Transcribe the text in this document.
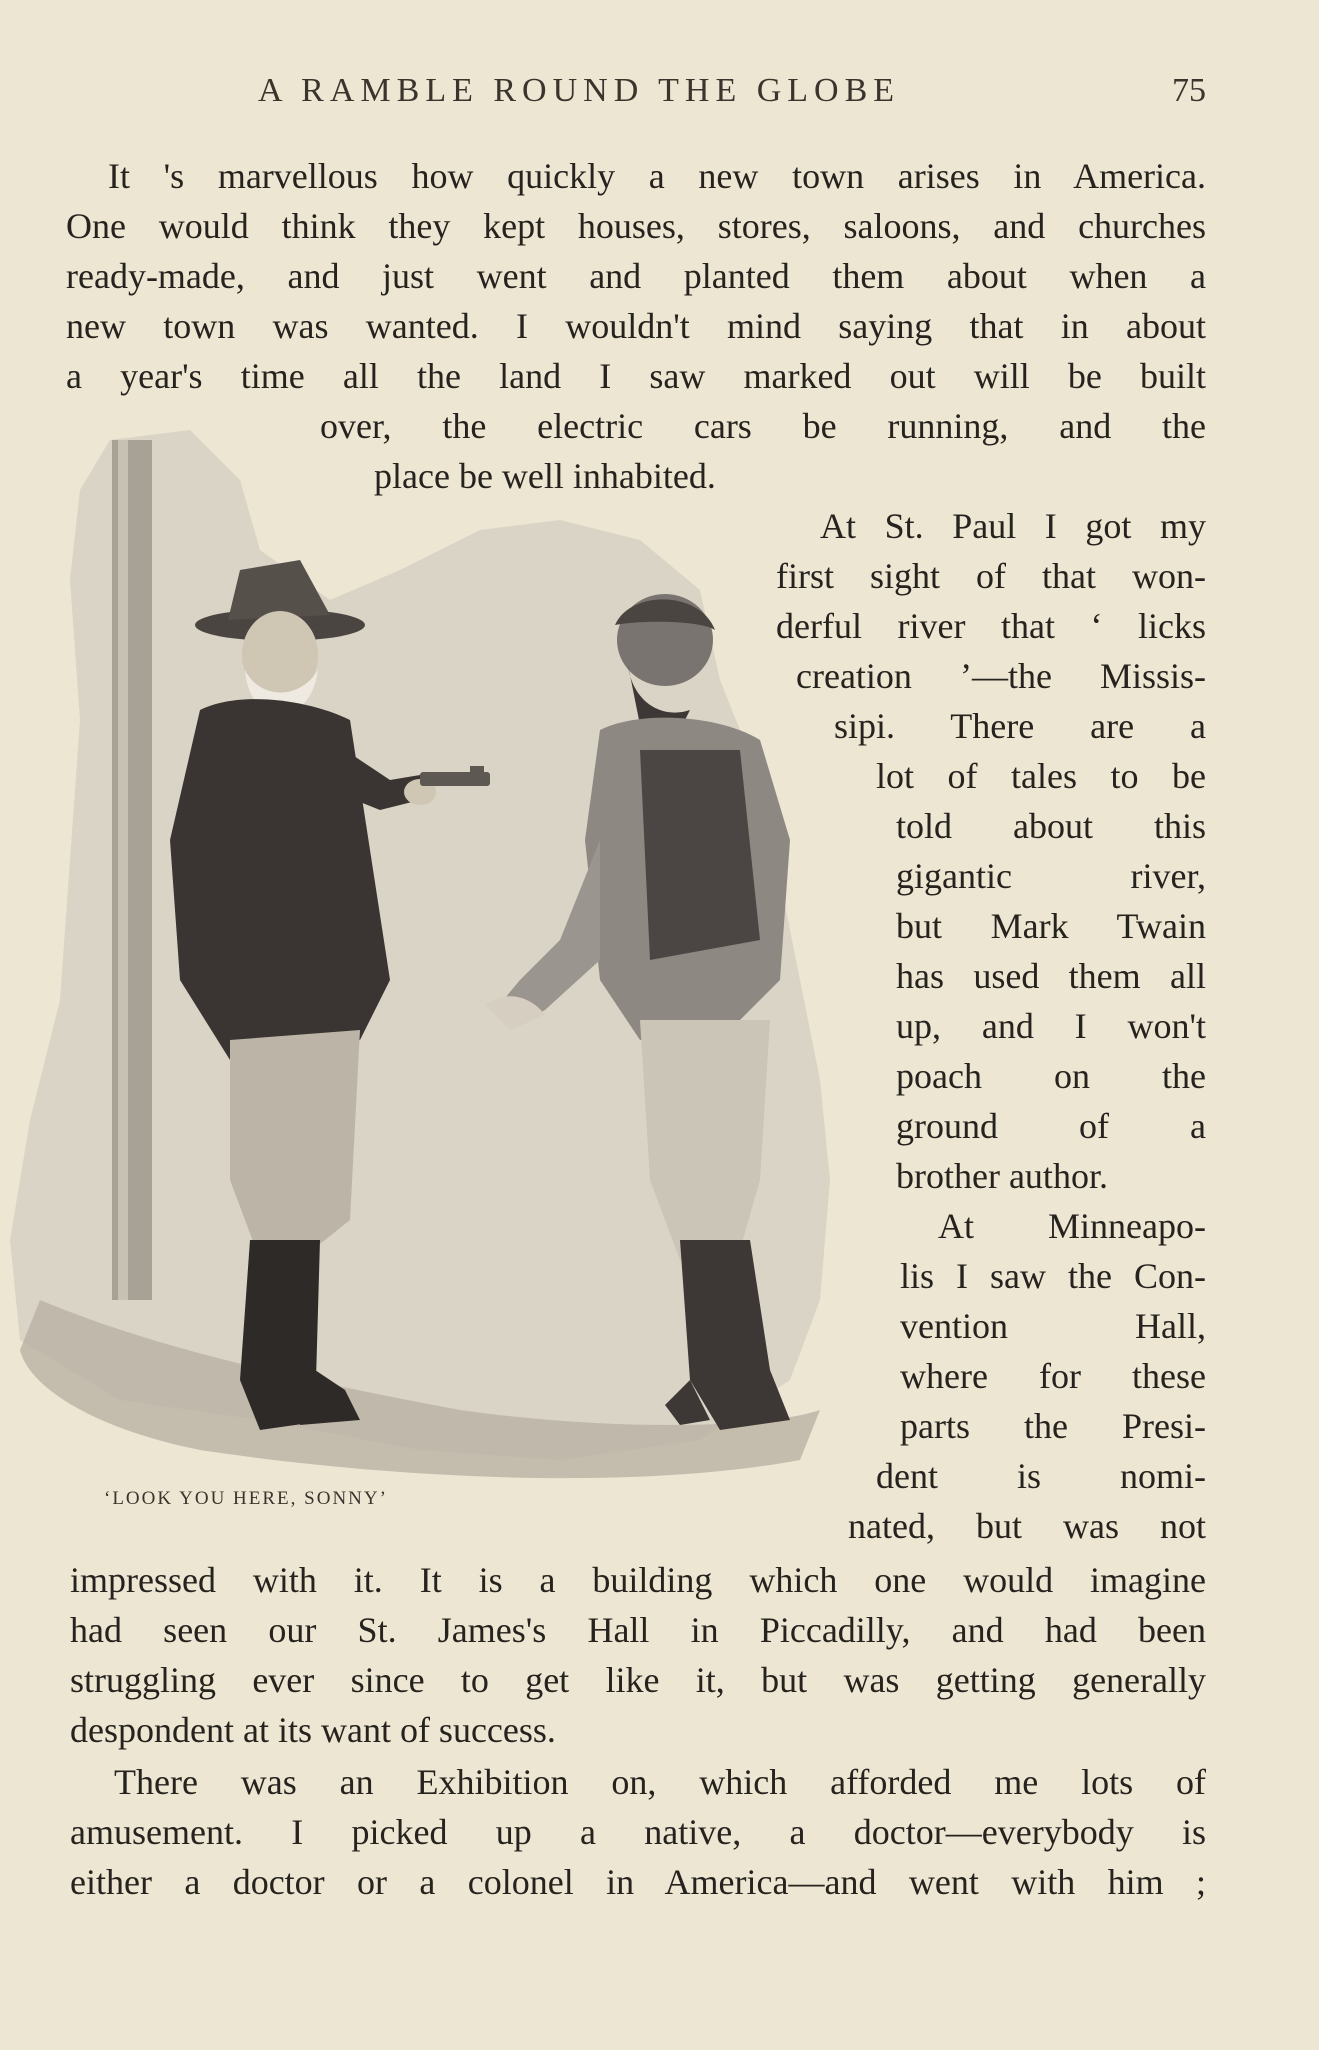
A RAMBLE ROUND THE GLOBE	75
‘LOOK YOU HERE, SONNY’
It 's marvellous how quickly a new town arises in America.
One would think they kept houses, stores, saloons, and churches
ready-made, and just went and planted them about when a
new town was wanted. I wouldn't mind saying that in about
a year's time all the land I saw marked out will be built
over, the electric cars be running, and the
place be well inhabited.
At St. Paul I got my
first sight of that won-
derful river that ‘ licks
creation ’—the Missis-
sipi. There are a
lot of tales to be
told about this
gigantic river,
but Mark Twain
has used them all
up, and I won't
poach on the
ground of a
brother author.
At Minneapo-
lis I saw the Con-
vention Hall,
where for these
parts the Presi-
dent is nomi-
nated, but was not
impressed with it. It is a building which one would imagine
had seen our St. James's Hall in Piccadilly, and had been
struggling ever since to get like it, but was getting generally
despondent at its want of success.
There was an Exhibition on, which afforded me lots of
amusement. I picked up a native, a doctor—everybody is
either a doctor or a colonel in America—and went with him ;
